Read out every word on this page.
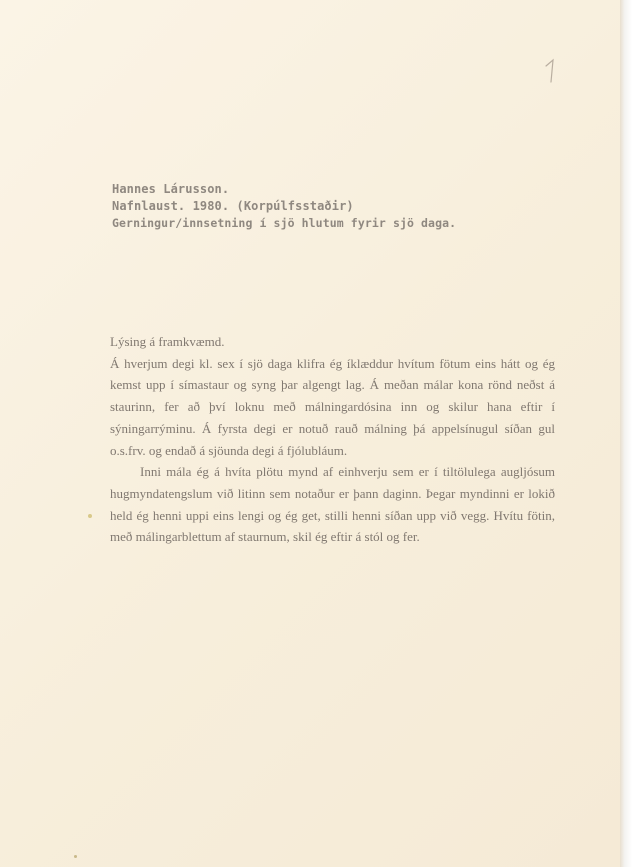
Hannes Lárusson.
Nafnlaust. 1980. (Korpúlfsstaðir)
Gerningur/innsetning í sjö hlutum fyrir sjö daga.
Lýsing á framkvæmd.

Á hverjum degi kl. sex í sjö daga klifra ég íklæddur hvítum fötum eins hátt og ég kemst upp í símastaur og syng þar algengt lag. Á meðan málar kona rönd neðst á staurinn, fer að því loknu með málningardósina inn og skilur hana eftir í sýningarrýminu. Á fyrsta degi er notuð rauð málning þá appelsínugul síðan gul o.s.frv. og endað á sjöunda degi á fjólubláum.

Inni mála ég á hvíta plötu mynd af einhverju sem er í tiltölulega augljósum hugmyndatengslum við litinn sem notaður er þann daginn. Þegar myndinni er lokið held ég henni uppi eins lengi og ég get, stilli henni síðan upp við vegg. Hvítu fötin, með málingarblettum af staurnum, skil ég eftir á stól og fer.
